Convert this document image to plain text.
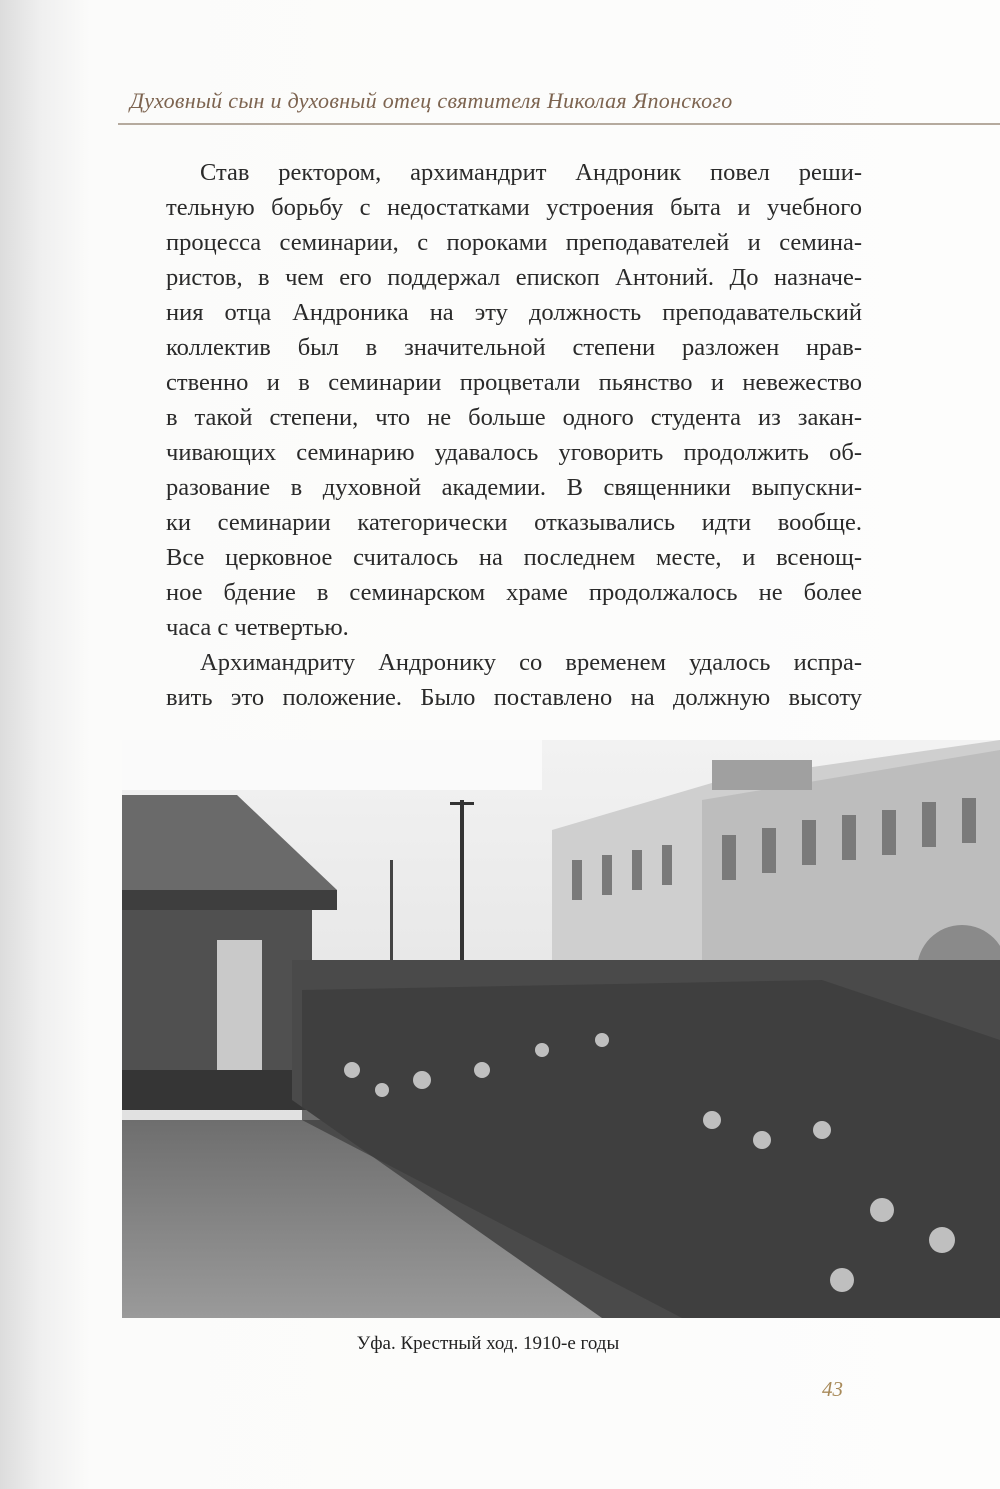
Духовный сын и духовный отец святителя Николая Японского
Став ректором, архимандрит Андроник повел реши-
тельную борьбу с недостатками устроения быта и учебного
процесса семинарии, с пороками преподавателей и семина-
ристов, в чем его поддержал епископ Антоний. До назначе-
ния отца Андроника на эту должность преподавательский
коллектив был в значительной степени разложен нрав-
ственно и в семинарии процветали пьянство и невежество
в такой степени, что не больше одного студента из закан-
чивающих семинарию удавалось уговорить продолжить об-
разование в духовной академии. В священники выпускни-
ки семинарии категорически отказывались идти вообще.
Все церковное считалось на последнем месте, и всенощ-
ное бдение в семинарском храме продолжалось не более
часа с четвертью.
Архимандриту Андронику со временем удалось испра-
вить это положение. Было поставлено на должную высоту
Уфа. Крестный ход. 1910-е годы
43
